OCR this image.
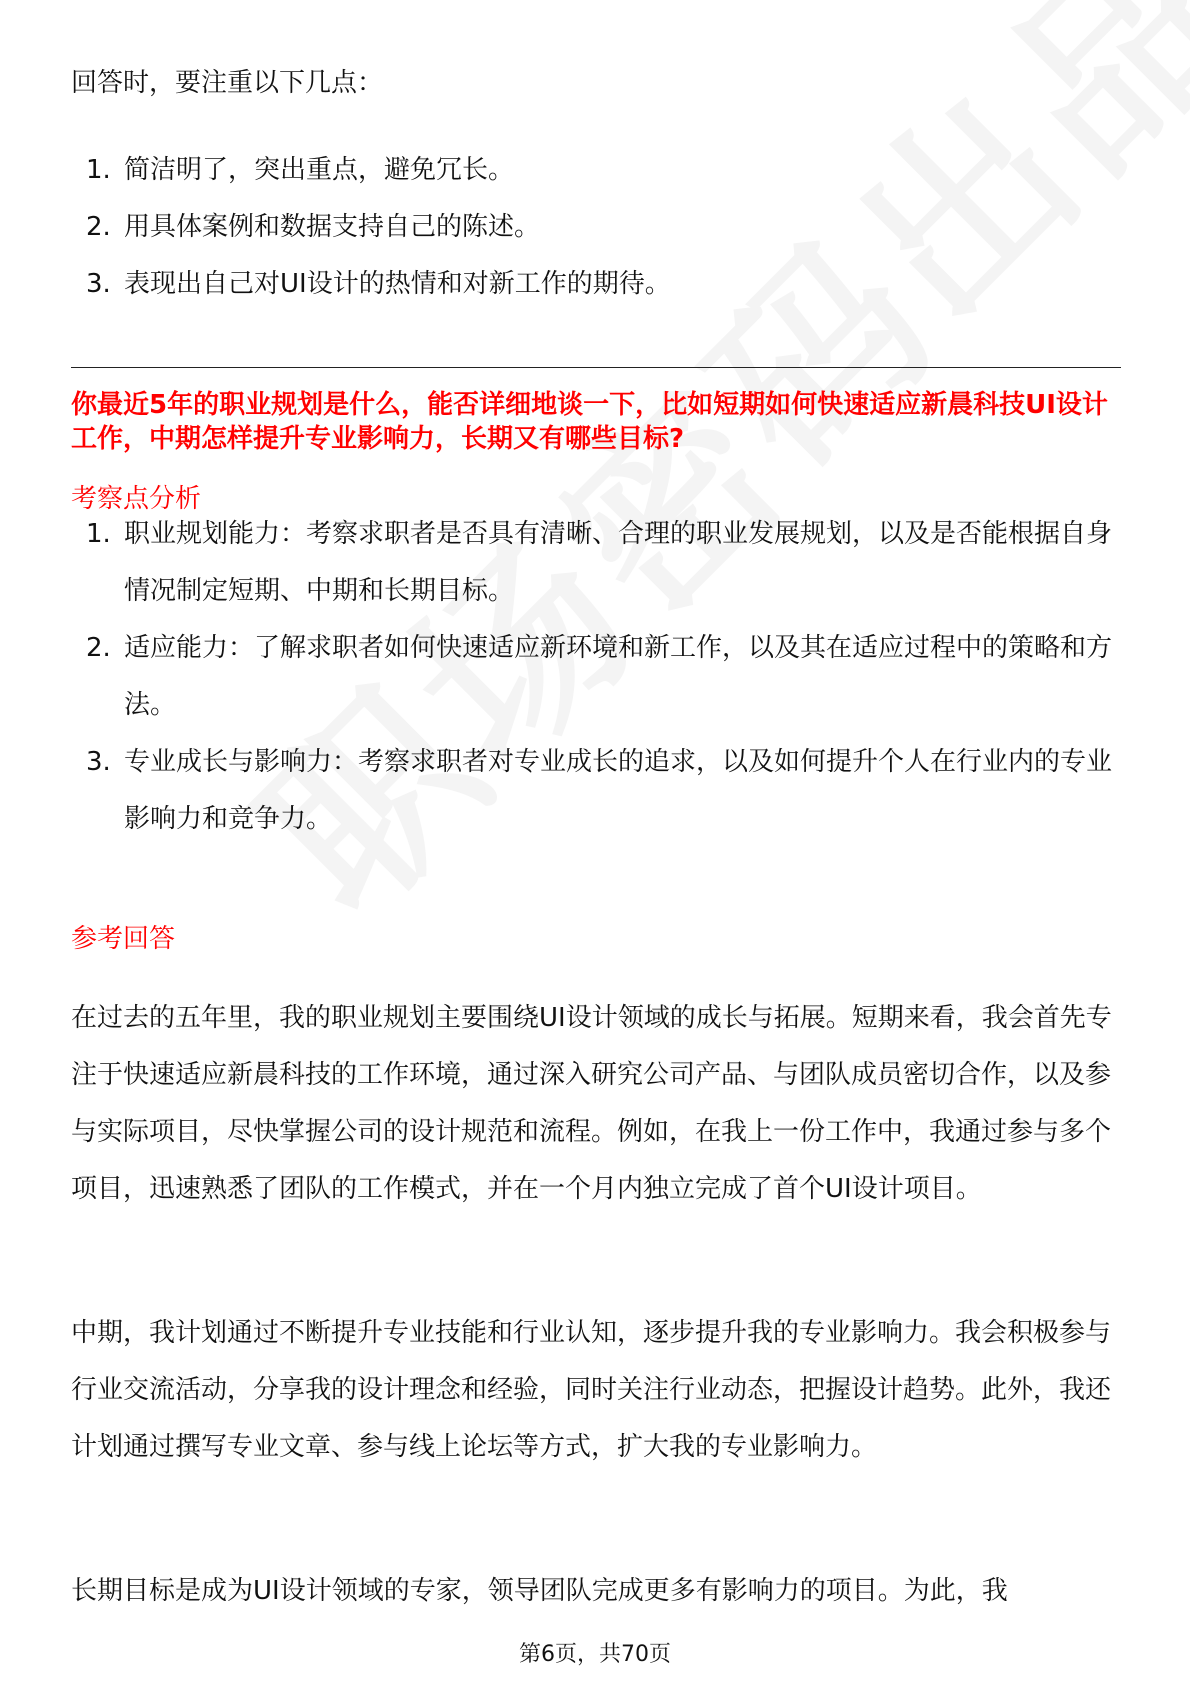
回答时，要注重以下几点：

1. 简洁明了，突出重点，避免冗长。
2. 用具体案例和数据支持自己的陈述。
3. 表现出自己对UI设计的热情和对新工作的期待。

你最近5年的职业规划是什么，能否详细地谈一下，比如短期如何快速适应新晨科技UI设计工作，中期怎样提升专业影响力，长期又有哪些目标?

考察点分析

1. 职业规划能力：考察求职者是否具有清晰、合理的职业发展规划，以及是否能根据自身情况制定短期、中期和长期目标。
2. 适应能力：了解求职者如何快速适应新环境和新工作，以及其在适应过程中的策略和方法。
3. 专业成长与影响力：考察求职者对专业成长的追求，以及如何提升个人在行业内的专业影响力和竞争力。

参考回答

在过去的五年里，我的职业规划主要围绕UI设计领域的成长与拓展。短期来看，我会首先专注于快速适应新晨科技的工作环境，通过深入研究公司产品、与团队成员密切合作，以及参与实际项目，尽快掌握公司的设计规范和流程。例如，在我上一份工作中，我通过参与多个项目，迅速熟悉了团队的工作模式，并在一个月内独立完成了首个UI设计项目。

中期，我计划通过不断提升专业技能和行业认知，逐步提升我的专业影响力。我会积极参与行业交流活动，分享我的设计理念和经验，同时关注行业动态，把握设计趋势。此外，我还计划通过撰写专业文章、参与线上论坛等方式，扩大我的专业影响力。

长期目标是成为UI设计领域的专家，领导团队完成更多有影响力的项目。为此，我

第6页，共70页
